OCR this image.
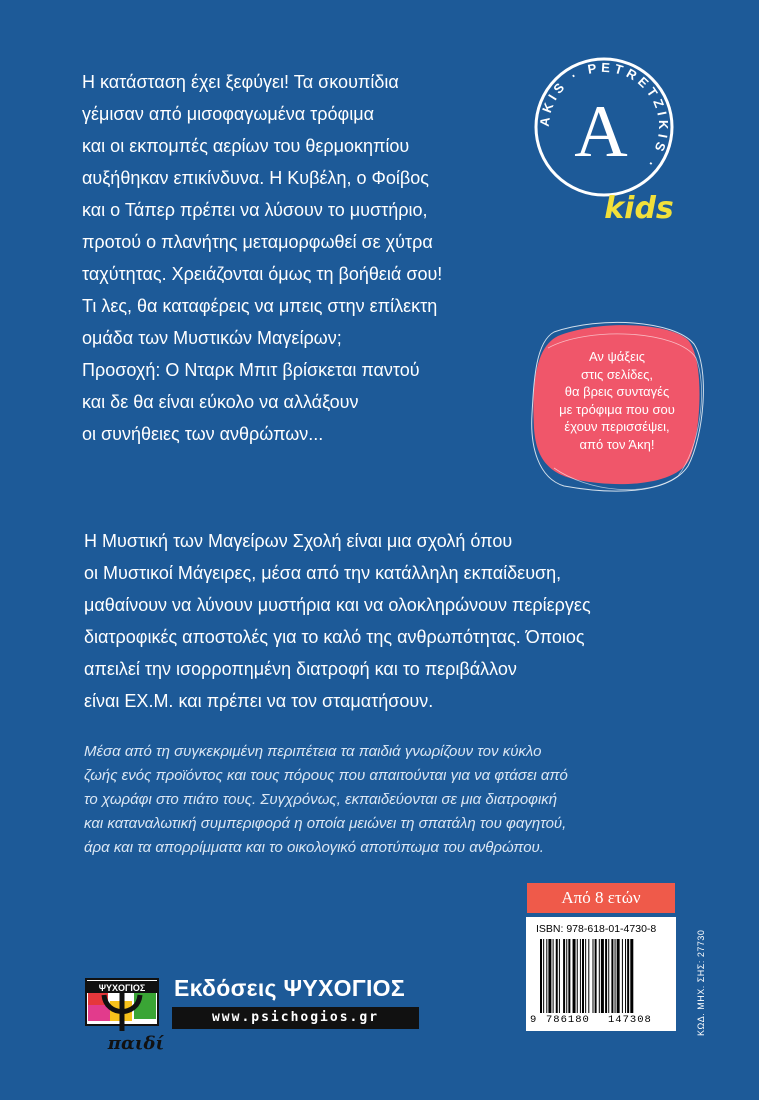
Η κατάσταση έχει ξεφύγει! Τα σκουπίδια
γέμισαν από μισοφαγωμένα τρόφιμα
και οι εκπομπές αερίων του θερμοκηπίου
αυξήθηκαν επικίνδυνα. Η Κυβέλη, ο Φοίβος
και ο Τάπερ πρέπει να λύσουν το μυστήριο,
προτού ο πλανήτης μεταμορφωθεί σε χύτρα
ταχύτητας. Χρειάζονται όμως τη βοήθειά σου!
Τι λες, θα καταφέρεις να μπεις στην επίλεκτη
ομάδα των Μυστικών Μαγείρων;
Προσοχή: Ο Νταρκ Μπιτ βρίσκεται παντού
και δε θα είναι εύκολο να αλλάξουν
οι συνήθειες των ανθρώπων...
AKIS · PETRETZIKIS ·
A
kids
Αν ψάξεις
στις σελίδες,
θα βρεις συνταγές
με τρόφιμα που σου
έχουν περισσέψει,
από τον Άκη!
Η Μυστική των Μαγείρων Σχολή είναι μια σχολή όπου
οι Μυστικοί Μάγειρες, μέσα από την κατάλληλη εκπαίδευση,
μαθαίνουν να λύνουν μυστήρια και να ολοκληρώνουν περίεργες
διατροφικές αποστολές για το καλό της ανθρωπότητας. Όποιος
απειλεί την ισορροπημένη διατροφή και το περιβάλλον
είναι ΕΧ.Μ. και πρέπει να τον σταματήσουν.
Μέσα από τη συγκεκριμένη περιπέτεια τα παιδιά γνωρίζουν τον κύκλο
ζωής ενός προϊόντος και τους πόρους που απαιτούνται για να φτάσει από
το χωράφι στο πιάτο τους. Συγχρόνως, εκπαιδεύονται σε μια διατροφική
και καταναλωτική συμπεριφορά η οποία μειώνει τη σπατάλη του φαγητού,
άρα και τα απορρίμματα και το οικολογικό αποτύπωμα του ανθρώπου.
Από 8 ετών
ISBN: 978-618-01-4730-8
9 786180 147308	ΚΩΔ. ΜΗΧ. ΣΗΣ: 27730
ΨΥΧΟΓΙΟΣ
παιδί
Εκδόσεις ΨΥΧΟΓΙΟΣ
www.psichogios.gr
